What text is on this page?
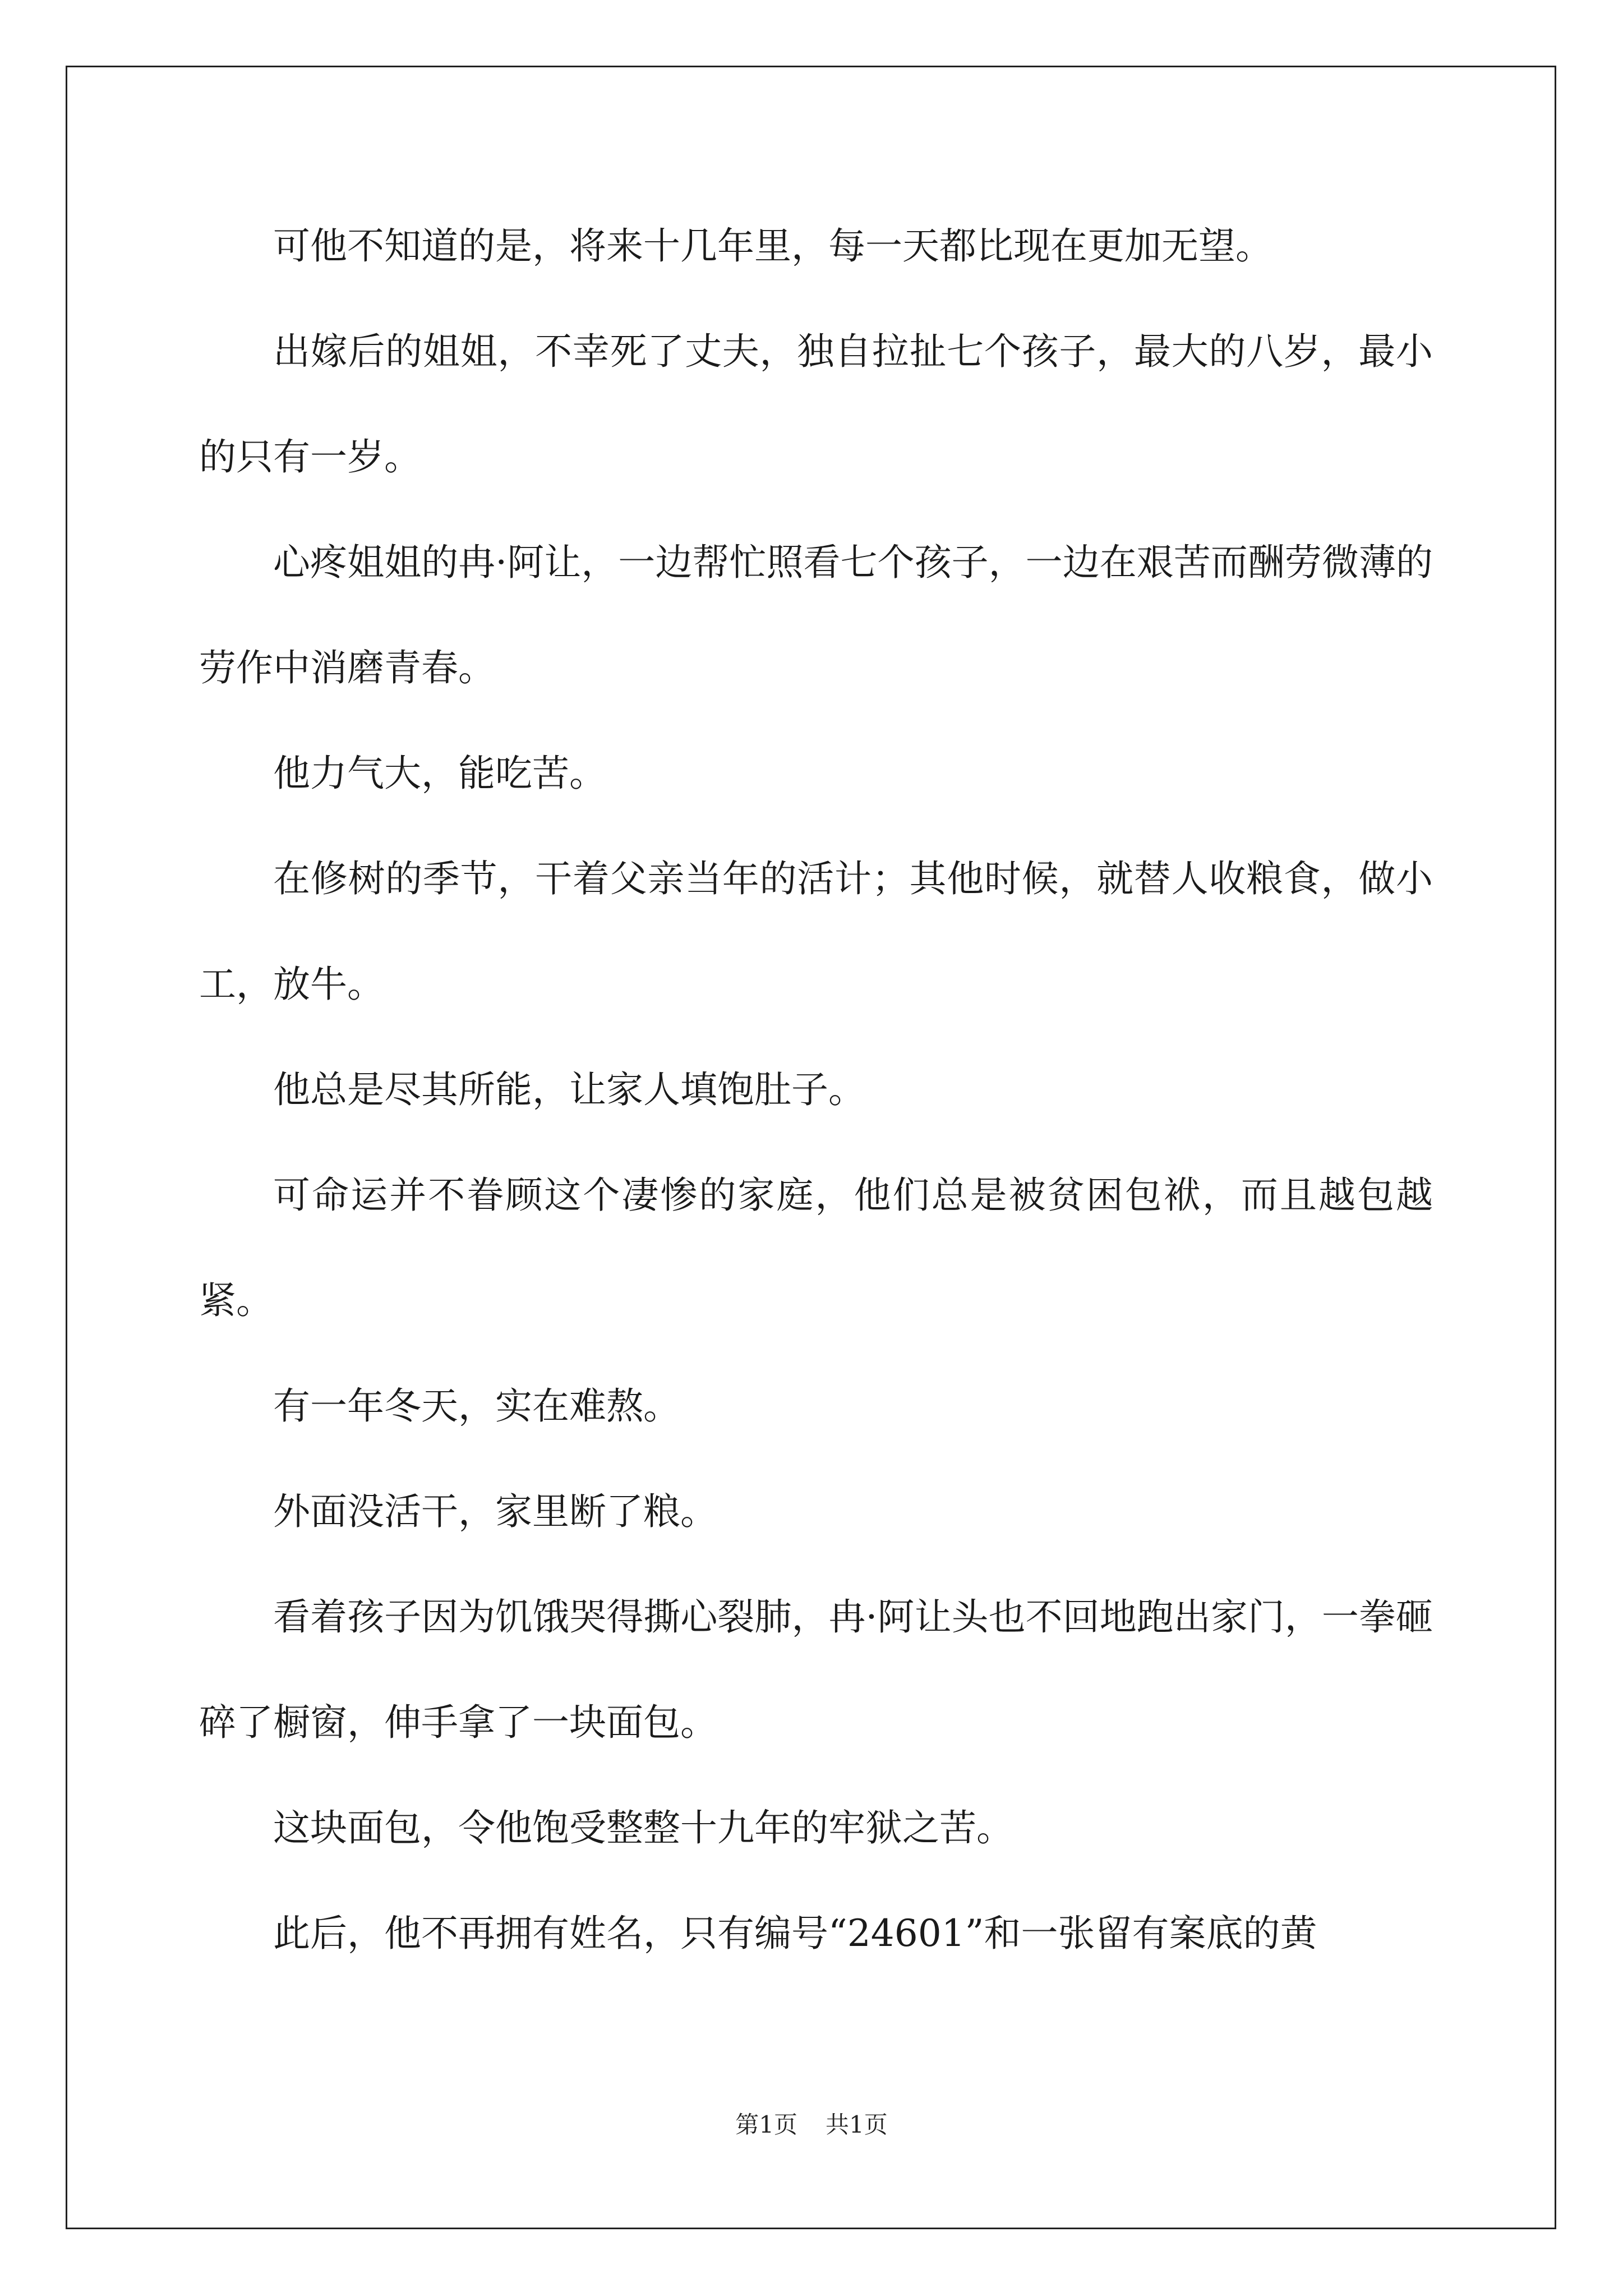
可他不知道的是，将来十几年里，每一天都比现在更加无望。

出嫁后的姐姐，不幸死了丈夫，独自拉扯七个孩子，最大的八岁，最小的只有一岁。

心疼姐姐的冉·阿让，一边帮忙照看七个孩子，一边在艰苦而酬劳微薄的劳作中消磨青春。

他力气大，能吃苦。

在修树的季节，干着父亲当年的活计；其他时候，就替人收粮食，做小工，放牛。

他总是尽其所能，让家人填饱肚子。

可命运并不眷顾这个凄惨的家庭，他们总是被贫困包袱，而且越包越紧。

有一年冬天，实在难熬。

外面没活干，家里断了粮。

看着孩子因为饥饿哭得撕心裂肺，冉·阿让头也不回地跑出家门，一拳砸碎了橱窗，伸手拿了一块面包。

这块面包，令他饱受整整十九年的牢狱之苦。

此后，他不再拥有姓名，只有编号“24601”和一张留有案底的黄

第1页 共1页
